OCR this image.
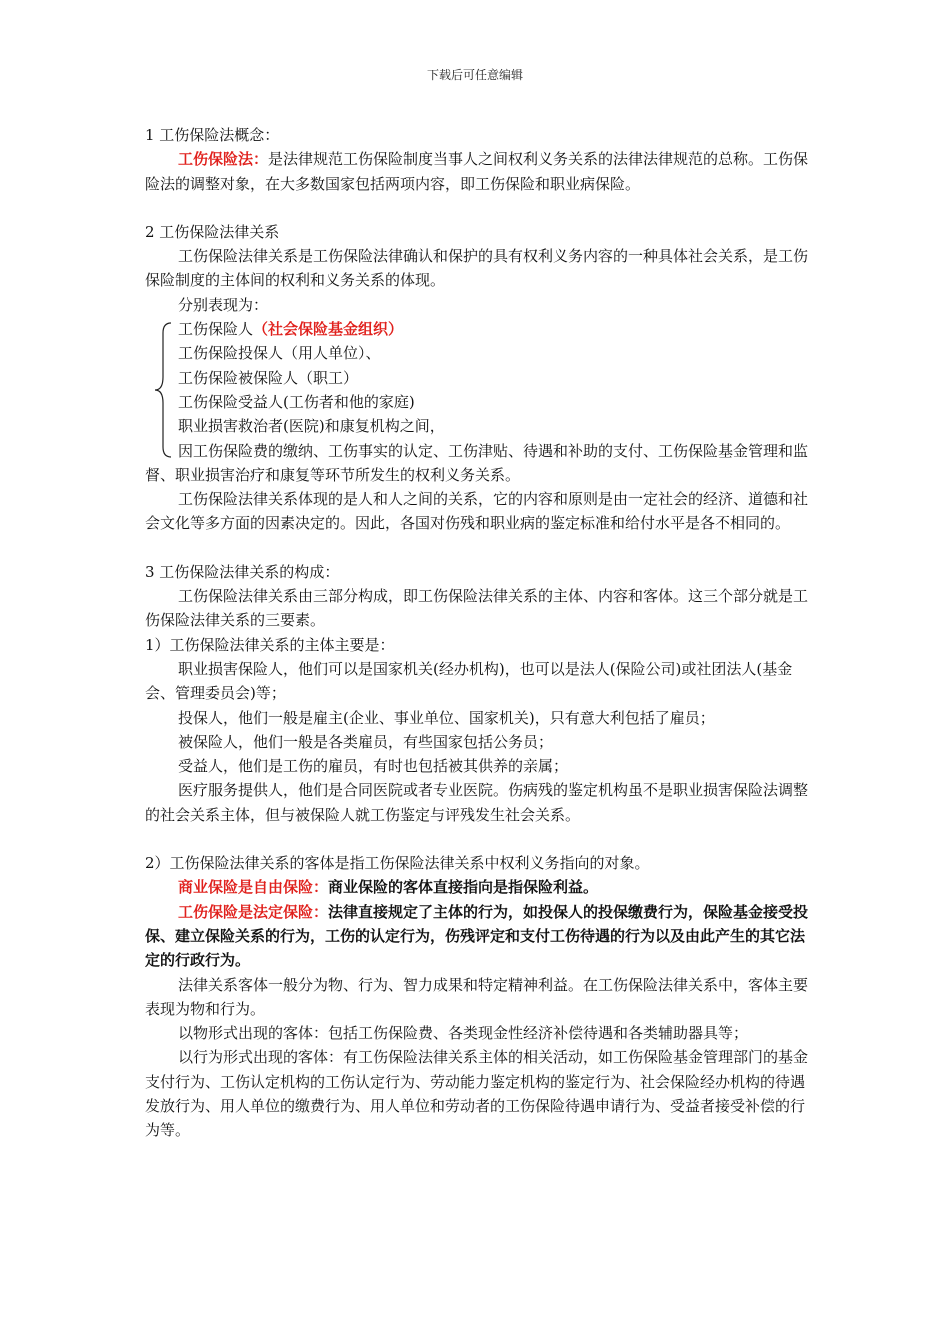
下载后可任意编辑

1 工伤保险法概念：

工伤保险法：是法律规范工伤保险制度当事人之间权利义务关系的法律法律规范的总称。工伤保险法的调整对象，在大多数国家包括两项内容，即工伤保险和职业病保险。

2 工伤保险法律关系

工伤保险法律关系是工伤保险法律确认和保护的具有权利义务内容的一种具体社会关系，是工伤保险制度的主体间的权利和义务关系的体现。

分别表现为：

工伤保险人（社会保险基金组织）

工伤保险投保人（用人单位）、

工伤保险被保险人（职工）

工伤保险受益人(工伤者和他的家庭)

职业损害救治者(医院)和康复机构之间，

因工伤保险费的缴纳、工伤事实的认定、工伤津贴、待遇和补助的支付、工伤保险基金管理和监督、职业损害治疗和康复等环节所发生的权利义务关系。

工伤保险法律关系体现的是人和人之间的关系，它的内容和原则是由一定社会的经济、道德和社会文化等多方面的因素决定的。因此，各国对伤残和职业病的鉴定标准和给付水平是各不相同的。

3 工伤保险法律关系的构成：

工伤保险法律关系由三部分构成，即工伤保险法律关系的主体、内容和客体。这三个部分就是工伤保险法律关系的三要素。

1）工伤保险法律关系的主体主要是：

职业损害保险人，他们可以是国家机关(经办机构)，也可以是法人(保险公司)或社团法人(基金会、管理委员会)等；

投保人，他们一般是雇主(企业、事业单位、国家机关)，只有意大利包括了雇员；

被保险人，他们一般是各类雇员，有些国家包括公务员；

受益人，他们是工伤的雇员，有时也包括被其供养的亲属；

医疗服务提供人，他们是合同医院或者专业医院。伤病残的鉴定机构虽不是职业损害保险法调整的社会关系主体，但与被保险人就工伤鉴定与评残发生社会关系。

2）工伤保险法律关系的客体是指工伤保险法律关系中权利义务指向的对象。

商业保险是自由保险：商业保险的客体直接指向是指保险利益。

工伤保险是法定保险：法律直接规定了主体的行为，如投保人的投保缴费行为，保险基金接受投保、建立保险关系的行为，工伤的认定行为，伤残评定和支付工伤待遇的行为以及由此产生的其它法定的行政行为。

法律关系客体一般分为物、行为、智力成果和特定精神利益。在工伤保险法律关系中，客体主要表现为物和行为。

以物形式出现的客体：包括工伤保险费、各类现金性经济补偿待遇和各类辅助器具等；

以行为形式出现的客体：有工伤保险法律关系主体的相关活动，如工伤保险基金管理部门的基金支付行为、工伤认定机构的工伤认定行为、劳动能力鉴定机构的鉴定行为、社会保险经办机构的待遇发放行为、用人单位的缴费行为、用人单位和劳动者的工伤保险待遇申请行为、受益者接受补偿的行为等。
